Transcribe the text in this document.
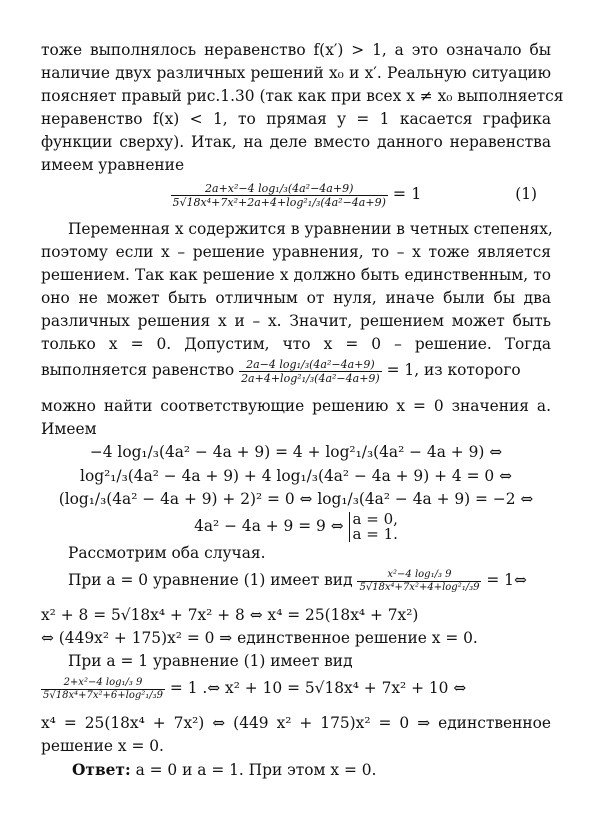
тоже выполнялось неравенство f(x′) > 1, а это означало бы
наличие двух различных решений x₀ и x′. Реальную ситуацию
поясняет правый рис.1.30 (так как при всех x ≠ x₀ выполняется
неравенство f(x) < 1, то прямая y = 1 касается графика
функции сверху). Итак, на деле вместо данного неравенства
имеем уравнение
$\frac{\text{2a+x²−4 log₁/₃(4a²−4a+9)}}{\text{5√18x⁴+7x²+2a+4+log²₁/₃(4a²−4a+9)}} = 1$	(1)
Переменная x содержится в уравнении в четных степенях,
поэтому если x – решение уравнения, то – x тоже является
решением. Так как решение x должно быть единственным, то
оно не может быть отличным от нуля, иначе были бы два
различных решения x и – x. Значит, решением может быть
только x = 0. Допустим, что x = 0 – решение. Тогда
выполняется равенство $\frac{\text{2a−4 log₁/₃(4a²−4a+9)}}{\text{2a+4+log²₁/₃(4a²−4a+9)}} = 1$, из которого
можно найти соответствующие решению x = 0 значения a.
Имеем
−4 log₁/₃(4a² − 4a + 9) = 4 + log²₁/₃(4a² − 4a + 9) ⇔
log²₁/₃(4a² − 4a + 9) + 4 log₁/₃(4a² − 4a + 9) + 4 = 0 ⇔
(log₁/₃(4a² − 4a + 9) + 2)² = 0 ⇔ log₁/₃(4a² − 4a + 9) = −2 ⇔
4a² − 4a + 9 = 9 ⇔ a = 0,
a = 1.
Рассмотрим оба случая.
При a = 0 уравнение (1) имеет вид $\frac{\text{x²−4 log₁/₃ 9}}{\text{5√18x⁴+7x²+4+log²₁/₃9}}$ = 1⇔
x² + 8 = 5√18x⁴ + 7x² + 8 ⇔ x⁴ = 25(18x⁴ + 7x²)
⇔ (449x² + 175)x² = 0 ⇒ единственное решение x = 0.
При a = 1 уравнение (1) имеет вид
$\frac{\text{2+x²−4 log₁/₃ 9}}{\text{5√18x⁴+7x²+6+log²₁/₃9}} = 1$ .⇔ x² + 10 = 5√18x⁴ + 7x² + 10 ⇔
x⁴ = 25(18x⁴ + 7x²) ⇔ (449 x² + 175)x² = 0 ⇒ единственное
решение x = 0.
Ответ: a = 0 и a = 1. При этом x = 0.
